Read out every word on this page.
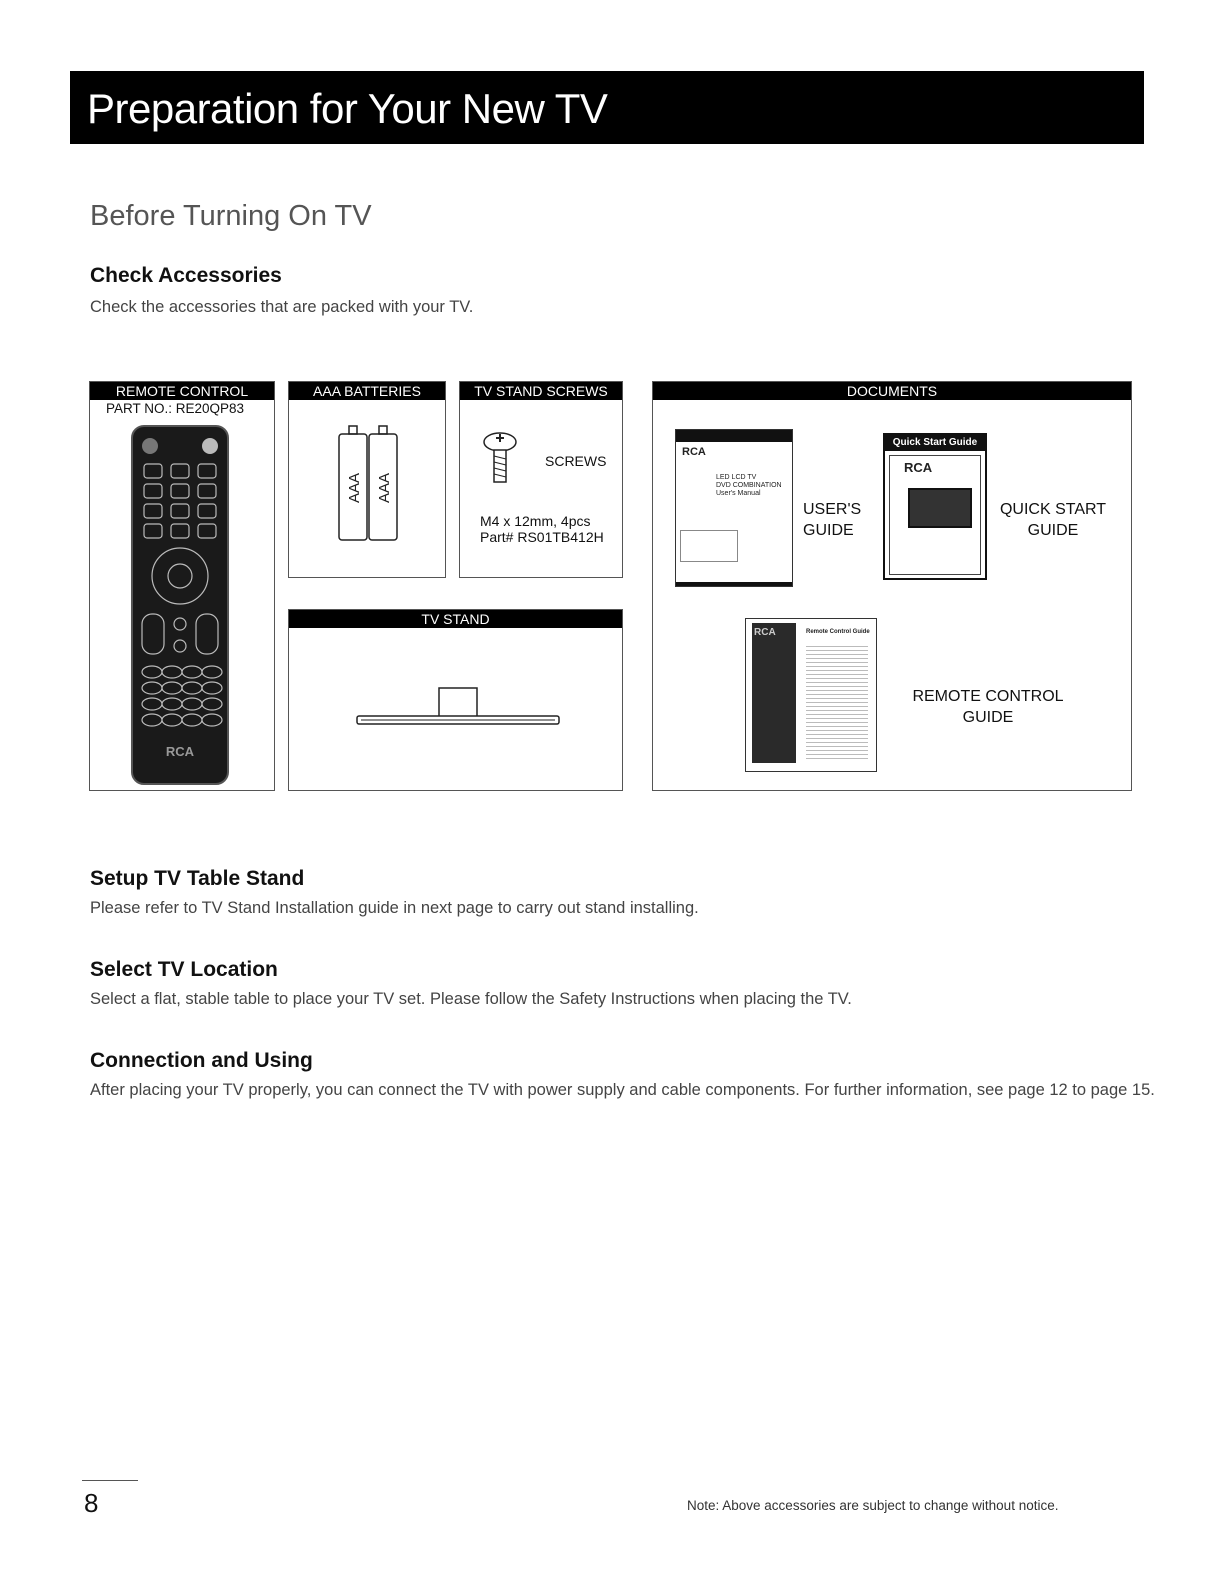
Preparation for Your New TV
Before Turning On TV
Check Accessories
Check the accessories that are packed with your TV.
REMOTE CONTROL
PART NO.: RE20QP83
RCA
AAA BATTERIES
AAA AAA
TV STAND SCREWS
SCREWS
M4 x 12mm, 4pcs
Part# RS01TB412H
TV STAND
DOCUMENTS
RCA
LED LCD TV
DVD COMBINATION
User's Manual
USER'S
GUIDE
Quick Start Guide
RCA
QUICK START
GUIDE
RCA	Remote Control Guide
REMOTE CONTROL
GUIDE
Setup TV Table Stand
Please refer to TV Stand Installation guide in next page to carry out stand installing.
Select TV Location
Select a flat, stable table to place your TV set. Please follow the Safety Instructions when placing the TV.
Connection and Using
After placing your TV properly, you can connect the TV with power supply and cable components. For further information, see page 12 to page 15.
8	Note: Above accessories are subject to change without notice.
